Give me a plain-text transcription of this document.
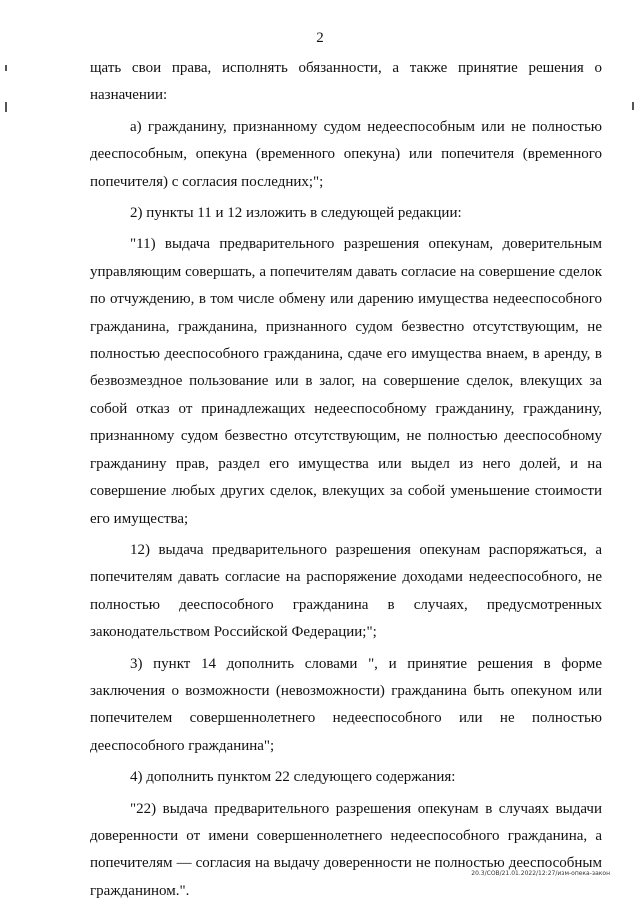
2

щать свои права, исполнять обязанности, а также принятие решения о назначении:

а) гражданину, признанному судом недееспособным или не полностью дееспособным, опекуна (временного опекуна) или попечителя (временного попечителя) с согласия последних;";

2) пункты 11 и 12 изложить в следующей редакции:

"11) выдача предварительного разрешения опекунам, доверительным управляющим совершать, а попечителям давать согласие на совершение сделок по отчуждению, в том числе обмену или дарению имущества недееспособного гражданина, гражданина, признанного судом безвестно отсутствующим, не полностью дееспособного гражданина, сдаче его имущества внаем, в аренду, в безвозмездное пользование или в залог, на совершение сделок, влекущих за собой отказ от принадлежащих недееспособному гражданину, гражданину, признанному судом безвестно отсутствующим, не полностью дееспособному гражданину прав, раздел его имущества или выдел из него долей, и на совершение любых других сделок, влекущих за собой уменьшение стоимости его имущества;

12) выдача предварительного разрешения опекунам распоряжаться, а попечителям давать согласие на распоряжение доходами недееспособного, не полностью дееспособного гражданина в случаях, предусмотренных законодательством Российской Федерации;";

3) пункт 14 дополнить словами ", и принятие решения в форме заключения о возможности (невозможности) гражданина быть опекуном или попечителем совершеннолетнего недееспособного или не полностью дееспособного гражданина";

4) дополнить пунктом 22 следующего содержания:

"22) выдача предварительного разрешения опекунам в случаях выдачи доверенности от имени совершеннолетнего недееспособного гражданина, а попечителям — согласия на выдачу доверенности не полностью дееспособным гражданином.".

20.3/СОВ/21.01.2022/12:27/изм-опека-закон
